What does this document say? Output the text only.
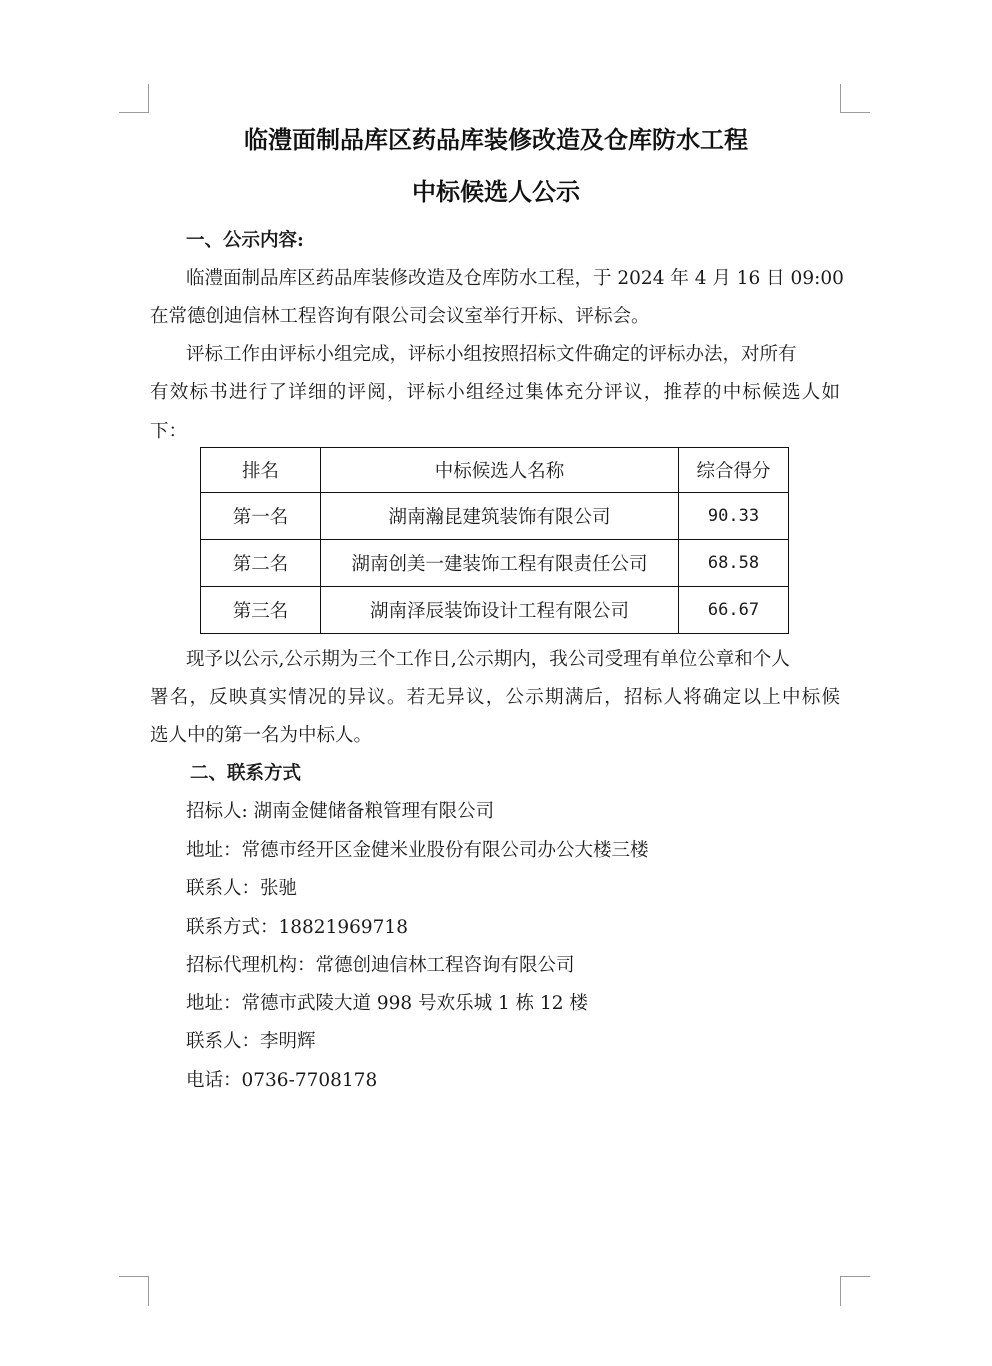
临澧面制品库区药品库装修改造及仓库防水工程
中标候选人公示

一、公示内容:

临澧面制品库区药品库装修改造及仓库防水工程，于 2024 年 4 月 16 日 09:00

在常德创迪信林工程咨询有限公司会议室举行开标、评标会。

评标工作由评标小组完成，评标小组按照招标文件确定的评标办法，对所有

有效标书进行了详细的评阅，评标小组经过集体充分评议，推荐的中标候选人如

下：

排名	中标候选人名称	综合得分
第一名	湖南瀚昆建筑装饰有限公司	90.33
第二名	湖南创美一建装饰工程有限责任公司	68.58
第三名	湖南泽辰装饰设计工程有限公司	66.67

现予以公示,公示期为三个工作日,公示期内，我公司受理有单位公章和个人

署名，反映真实情况的异议。若无异议，公示期满后，招标人将确定以上中标候

选人中的第一名为中标人。

二、联系方式

招标人: 湖南金健储备粮管理有限公司

地址：常德市经开区金健米业股份有限公司办公大楼三楼

联系人：张驰

联系方式：18821969718

招标代理机构：常德创迪信林工程咨询有限公司

地址：常德市武陵大道 998 号欢乐城 1 栋 12 楼

联系人：李明辉

电话：0736-7708178
